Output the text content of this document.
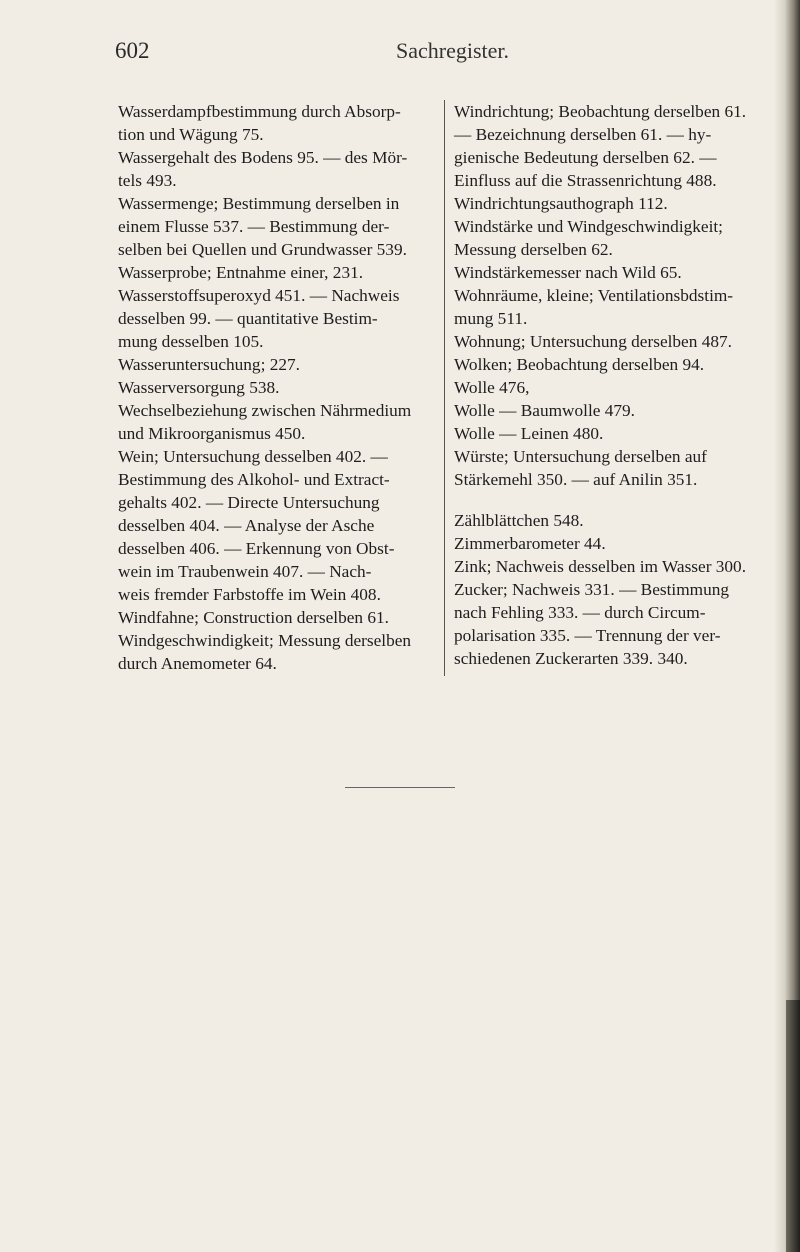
602	Sachregister.

Wasserdampfbestimmung durch Absorp-

tion und Wägung 75.

Wassergehalt des Bodens 95. — des Mör-

tels 493.

Wassermenge; Bestimmung derselben in

einem Flusse 537. — Bestimmung der-

selben bei Quellen und Grundwasser 539.

Wasserprobe; Entnahme einer, 231.

Wasserstoffsuperoxyd 451. — Nachweis

desselben 99. — quantitative Bestim-

mung desselben 105.

Wasseruntersuchung; 227.

Wasserversorgung 538.

Wechselbeziehung zwischen Nährmedium

und Mikroorganismus 450.

Wein; Untersuchung desselben 402. —

Bestimmung des Alkohol- und Extract-

gehalts 402. — Directe Untersuchung

desselben 404. — Analyse der Asche

desselben 406. — Erkennung von Obst-

wein im Traubenwein 407. — Nach-

weis fremder Farbstoffe im Wein 408.

Windfahne; Construction derselben 61.

Windgeschwindigkeit; Messung derselben

durch Anemometer 64.

Windrichtung; Beobachtung derselben 61.

— Bezeichnung derselben 61. — hy-

gienische Bedeutung derselben 62. —

Einfluss auf die Strassenrichtung 488.

Windrichtungsauthograph 112.

Windstärke und Windgeschwindigkeit;

Messung derselben 62.

Windstärkemesser nach Wild 65.

Wohnräume, kleine; Ventilationsbdstim-

mung 511.

Wohnung; Untersuchung derselben 487.

Wolken; Beobachtung derselben 94.

Wolle 476,

Wolle — Baumwolle 479.

Wolle — Leinen 480.

Würste; Untersuchung derselben auf

Stärkemehl 350. — auf Anilin 351.

Zählblättchen 548.

Zimmerbarometer 44.

Zink; Nachweis desselben im Wasser 300.

Zucker; Nachweis 331. — Bestimmung

nach Fehling 333. — durch Circum-

polarisation 335. — Trennung der ver-

schiedenen Zuckerarten 339. 340.
